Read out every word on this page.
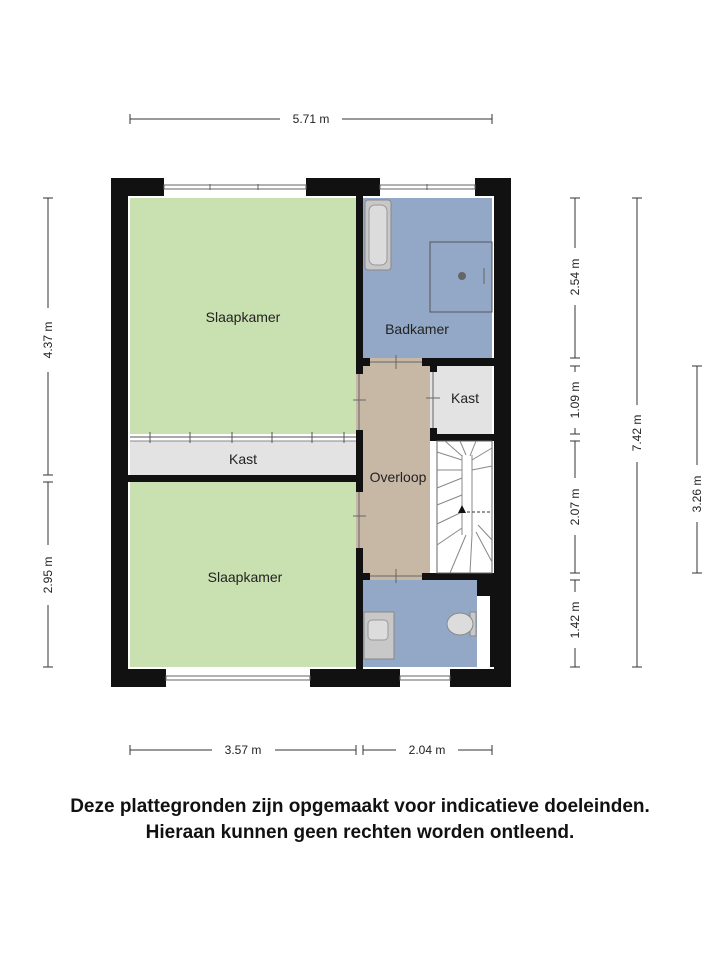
Slaapkamer
Slaapkamer
Badkamer
Kast
Kast
Overloop
5.71 m
3.57 m	2.04 m
4.37 m
2.95 m
2.54 m
1.09 m
2.07 m
1.42 m
7.42 m
3.26 m
Deze plattegronden zijn opgemaakt voor indicatieve doeleinden.
Hieraan kunnen geen rechten worden ontleend.
